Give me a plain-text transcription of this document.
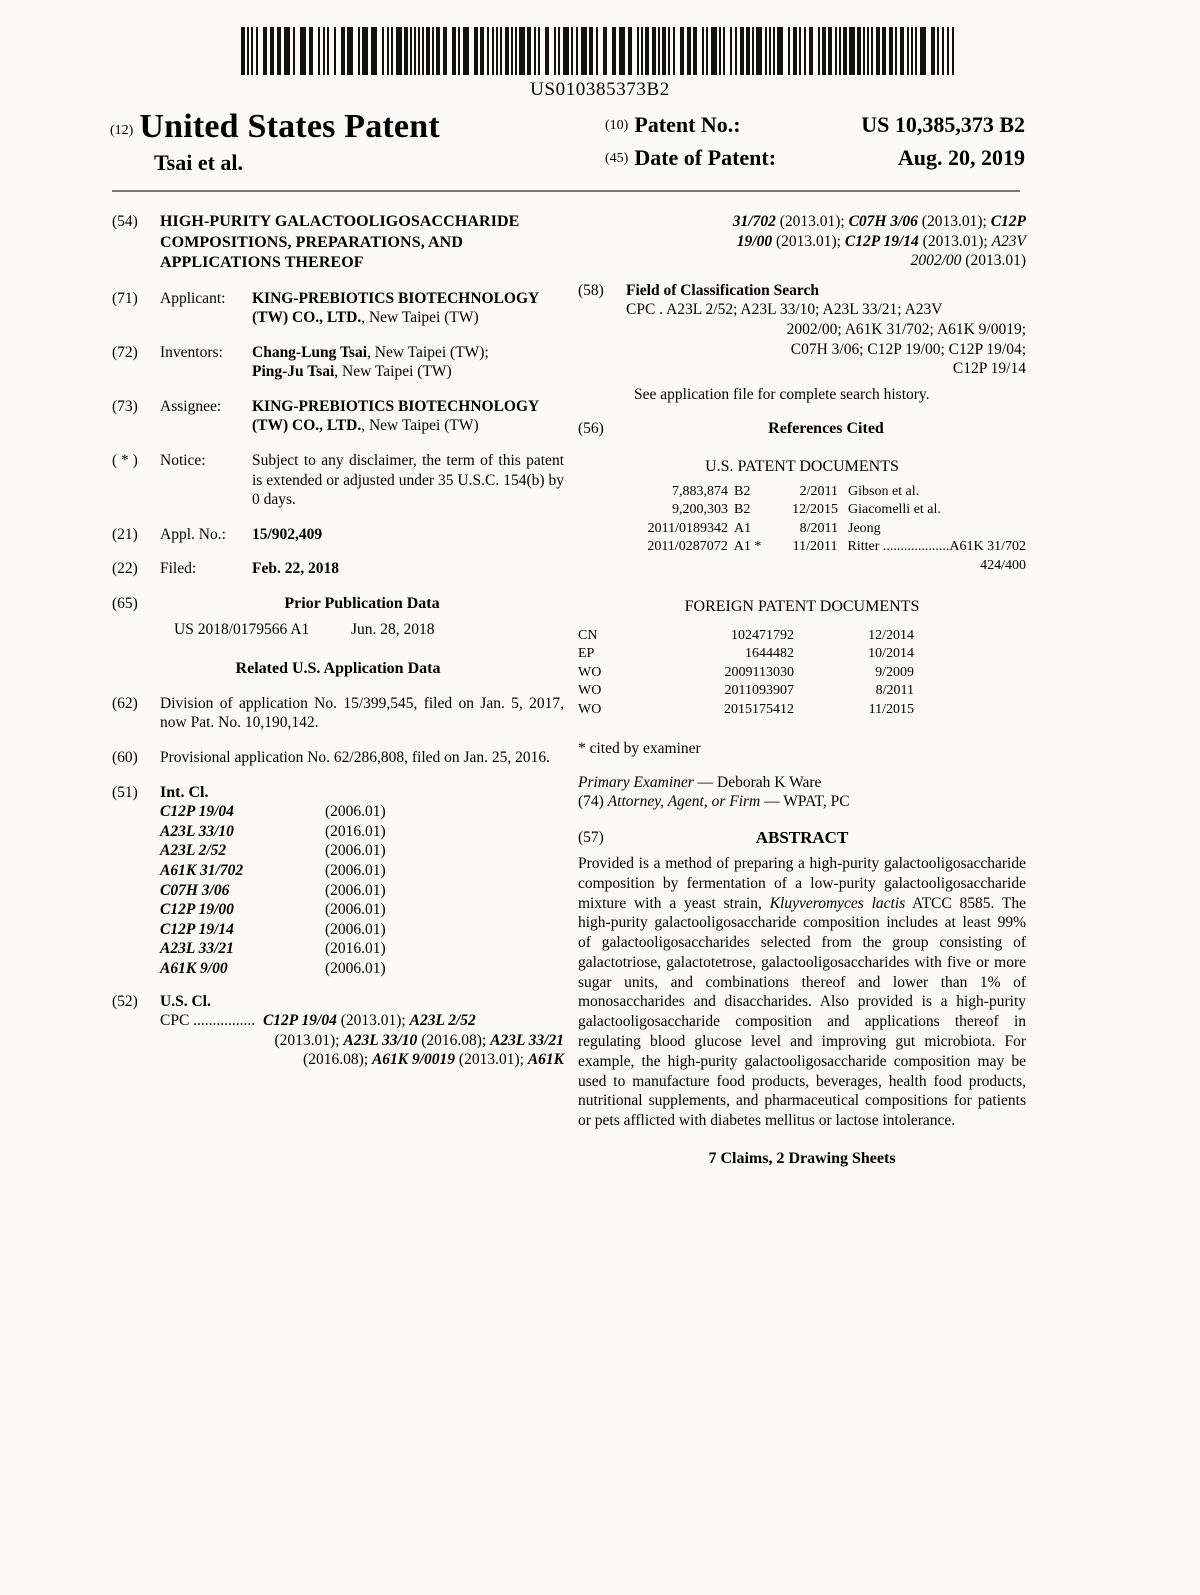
US010385373B2
(12) United States Patent
Tsai et al.
(10) Patent No.:	US 10,385,373 B2
(45) Date of Patent:	Aug. 20, 2019
(54)	HIGH-PURITY GALACTOOLIGOSACCHARIDE COMPOSITIONS, PREPARATIONS, AND APPLICATIONS THEREOF
(71)	Applicant:	KING-PREBIOTICS BIOTECHNOLOGY (TW) CO., LTD., New Taipei (TW)
(72)	Inventors:	Chang-Lung Tsai, New Taipei (TW);
Ping-Ju Tsai, New Taipei (TW)
(73)	Assignee:	KING-PREBIOTICS BIOTECHNOLOGY (TW) CO., LTD., New Taipei (TW)
( * )	Notice:	Subject to any disclaimer, the term of this patent is extended or adjusted under 35 U.S.C. 154(b) by 0 days.
(21)	Appl. No.:	15/902,409
(22)	Filed:	Feb. 22, 2018
(65)	Prior Publication Data
US 2018/0179566 A1	Jun. 28, 2018
Related U.S. Application Data
(62)	Division of application No. 15/399,545, filed on Jan. 5, 2017, now Pat. No. 10,190,142.
(60)	Provisional application No. 62/286,808, filed on Jan. 25, 2016.
(51)	Int. Cl.
C12P 19/04	(2006.01)
A23L 33/10	(2016.01)
A23L 2/52	(2006.01)
A61K 31/702	(2006.01)
C07H 3/06	(2006.01)
C12P 19/00	(2006.01)
C12P 19/14	(2006.01)
A23L 33/21	(2016.01)
A61K 9/00	(2006.01)
(52)	U.S. Cl.
CPC ................ C12P 19/04 (2013.01); A23L 2/52
(2013.01); A23L 33/10 (2016.08); A23L 33/21
(2016.08); A61K 9/0019 (2013.01); A61K
31/702 (2013.01); C07H 3/06 (2013.01); C12P
19/00 (2013.01); C12P 19/14 (2013.01); A23V
2002/00 (2013.01)
(58)	Field of Classification Search
CPC . A23L 2/52; A23L 33/10; A23L 33/21; A23V
2002/00; A61K 31/702; A61K 9/0019;
C07H 3/06; C12P 19/00; C12P 19/04;
C12P 19/14
See application file for complete search history.
(56)	References Cited
U.S. PATENT DOCUMENTS
7,883,874 B2	2/2011 Gibson et al.
9,200,303 B2	12/2015 Giacomelli et al.
2011/0189342 A1	8/2011 Jeong
2011/0287072 A1 *	11/2011 Ritter ................... A61K 31/702
424/400
FOREIGN PATENT DOCUMENTS
CN	102471792	12/2014
EP	1644482	10/2014
WO	2009113030	9/2009
WO	2011093907	8/2011
WO	2015175412	11/2015
* cited by examiner
Primary Examiner — Deborah K Ware
(74) Attorney, Agent, or Firm — WPAT, PC
(57)	ABSTRACT
Provided is a method of preparing a high-purity galactooligosaccharide composition by fermentation of a low-purity galactooligosaccharide mixture with a yeast strain, Kluyveromyces lactis ATCC 8585. The high-purity galactooligosaccharide composition includes at least 99% of galactooligosaccharides selected from the group consisting of galactotriose, galactotetrose, galactooligosaccharides with five or more sugar units, and combinations thereof and lower than 1% of monosaccharides and disaccharides. Also provided is a high-purity galactooligosaccharide composition and applications thereof in regulating blood glucose level and improving gut microbiota. For example, the high-purity galactooligosaccharide composition may be used to manufacture food products, beverages, health food products, nutritional supplements, and pharmaceutical compositions for patients or pets afflicted with diabetes mellitus or lactose intolerance.
7 Claims, 2 Drawing Sheets
